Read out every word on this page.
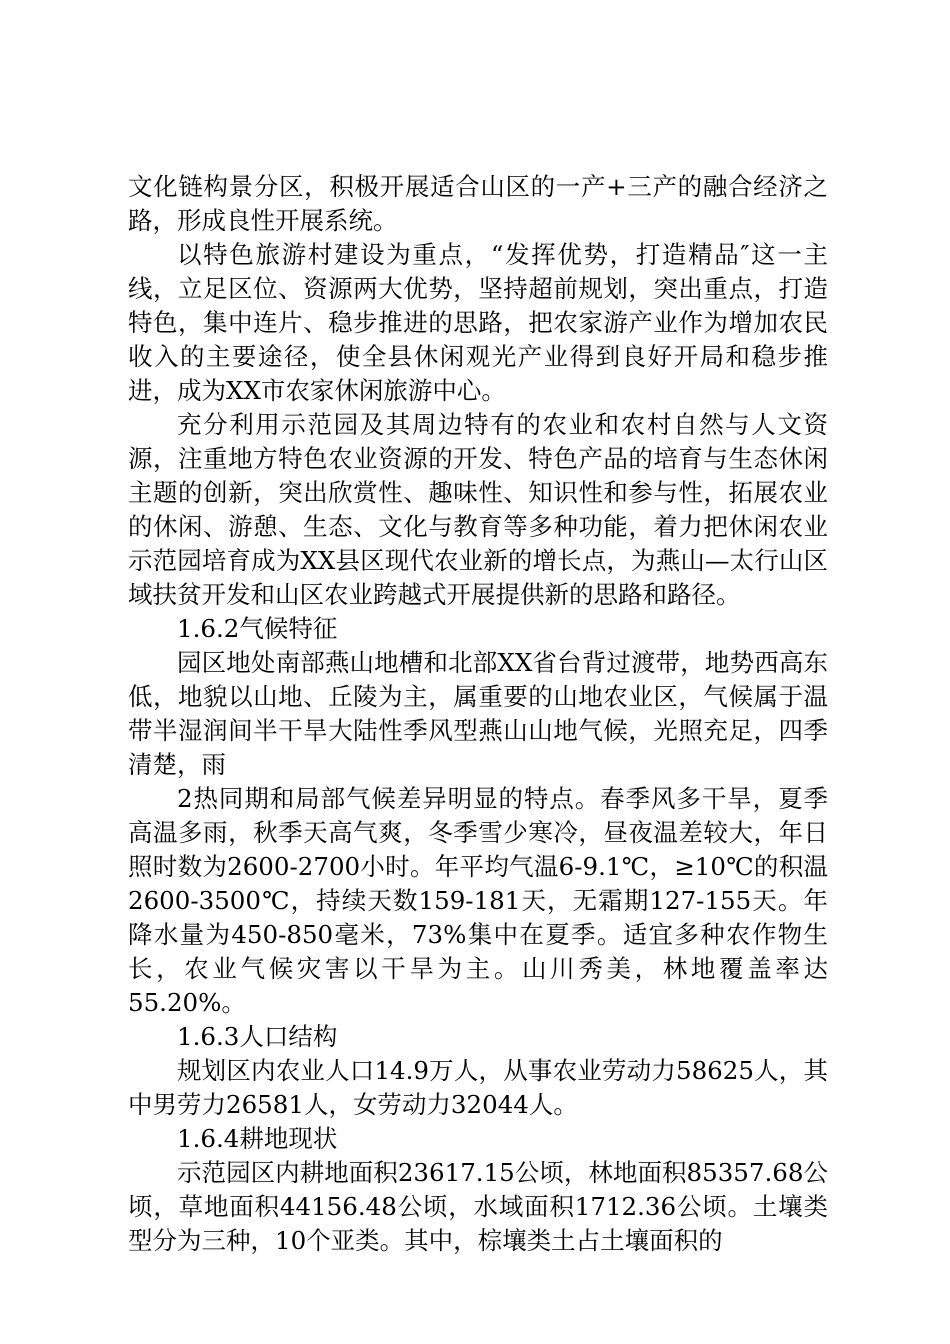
文化链构景分区，积极开展适合山区的一产+三产的融合经济之路，形成良性开展系统。

以特色旅游村建设为重点，“发挥优势，打造精品″这一主线，立足区位、资源两大优势，坚持超前规划，突出重点，打造特色，集中连片、稳步推进的思路，把农家游产业作为增加农民收入的主要途径，使全县休闲观光产业得到良好开局和稳步推进，成为XX市农家休闲旅游中心。

充分利用示范园及其周边特有的农业和农村自然与人文资源，注重地方特色农业资源的开发、特色产品的培育与生态休闲主题的创新，突出欣赏性、趣味性、知识性和参与性，拓展农业的休闲、游憩、生态、文化与教育等多种功能，着力把休闲农业示范园培育成为XX县区现代农业新的增长点，为燕山—太行山区域扶贫开发和山区农业跨越式开展提供新的思路和路径。

1.6.2气候特征

园区地处南部燕山地槽和北部XX省台背过渡带，地势西高东低，地貌以山地、丘陵为主，属重要的山地农业区，气候属于温带半湿润间半干旱大陆性季风型燕山山地气候，光照充足，四季清楚，雨

2热同期和局部气候差异明显的特点。春季风多干旱，夏季高温多雨，秋季天高气爽，冬季雪少寒冷，昼夜温差较大，年日照时数为2600-2700小时。年平均气温6-9.1℃，≥10℃的积温2600-3500℃，持续天数159-181天，无霜期127-155天。年降水量为450-850毫米，73%集中在夏季。适宜多种农作物生长，农业气候灾害以干旱为主。山川秀美，林地覆盖率达55.20%。

1.6.3人口结构

规划区内农业人口14.9万人，从事农业劳动力58625人，其中男劳力26581人，女劳动力32044人。

1.6.4耕地现状

示范园区内耕地面积23617.15公顷，林地面积85357.68公顷，草地面积44156.48公顷，水域面积1712.36公顷。土壤类型分为三种，10个亚类。其中，棕壤类土占土壤面积的
